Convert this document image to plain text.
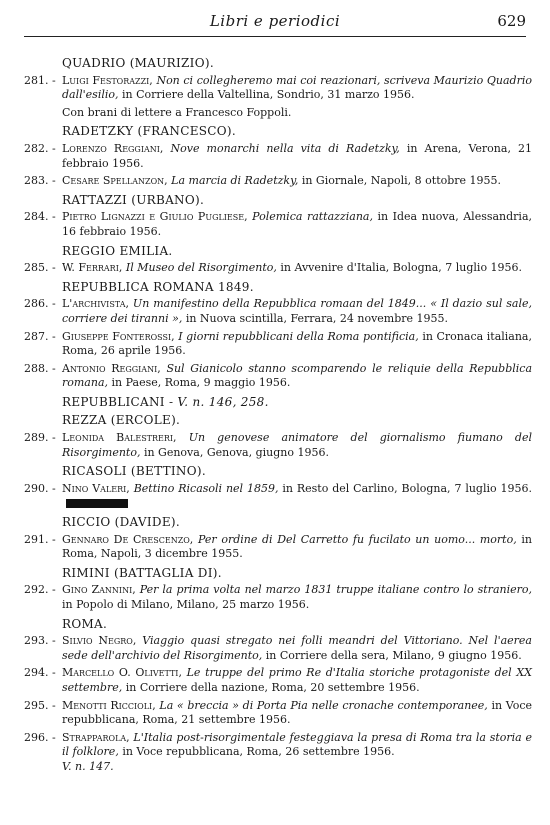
Libri e periodici	629
QUADRIO (MAURIZIO).
281. - Luigi Festorazzi, Non ci collegheremo mai coi reazionari, scriveva Maurizio Quadrio dall'esilio, in Corriere della Valtellina, Sondrio, 31 marzo 1956.
Con brani di lettere a Francesco Foppoli.
RADETZKY (FRANCESCO).
282. - Lorenzo Reggiani, Nove monarchi nella vita di Radetzky, in Arena, Verona, 21 febbraio 1956.
283. - Cesare Spellanzon, La marcia di Radetzky, in Giornale, Napoli, 8 ottobre 1955.
RATTAZZI (URBANO).
284. - Pietro Lignazzi e Giulio Pugliese, Polemica rattazziana, in Idea nuova, Alessandria, 16 febbraio 1956.
REGGIO EMILIA.
285. - W. Ferrari, Il Museo del Risorgimento, in Avvenire d'Italia, Bologna, 7 luglio 1956.
REPUBBLICA ROMANA 1849.
286. - L'archivista, Un manifestino della Repubblica romaan del 1849... « Il dazio sul sale, corriere dei tiranni », in Nuova scintilla, Ferrara, 24 novembre 1955.
287. - Giuseppe Fonterossi, I giorni repubblicani della Roma pontificia, in Cronaca italiana, Roma, 26 aprile 1956.
288. - Antonio Reggiani, Sul Gianicolo stanno scomparendo le reliquie della Repubblica romana, in Paese, Roma, 9 maggio 1956.
REPUBBLICANI - V. n. 146, 258.
REZZA (ERCOLE).
289. - Leonida Balestreri, Un genovese animatore del giornalismo fiumano del Risorgimento, in Genova, Genova, giugno 1956.
RICASOLI (BETTINO).
290. - Nino Valeri, Bettino Ricasoli nel 1859, in Resto del Carlino, Bologna, 7 luglio 1956.
RICCIO (DAVIDE).
291. - Gennaro De Crescenzo, Per ordine di Del Carretto fu fucilato un uomo... morto, in Roma, Napoli, 3 dicembre 1955.
RIMINI (BATTAGLIA DI).
292. - Gino Zannini, Per la prima volta nel marzo 1831 truppe italiane contro lo straniero, in Popolo di Milano, Milano, 25 marzo 1956.
ROMA.
293. - Silvio Negro, Viaggio quasi stregato nei folli meandri del Vittoriano. Nel l'aerea sede dell'archivio del Risorgimento, in Corriere della sera, Milano, 9 giugno 1956.
294. - Marcello O. Olivetti, Le truppe del primo Re d'Italia storiche protagoniste del XX settembre, in Corriere della nazione, Roma, 20 settembre 1956.
295. - Menotti Riccioli, La « breccia » di Porta Pia nelle cronache contemporanee, in Voce repubblicana, Roma, 21 settembre 1956.
296. - Strapparola, L'Italia post-risorgimentale festeggiava la presa di Roma tra la storia e il folklore, in Voce repubblicana, Roma, 26 settembre 1956.
V. n. 147.
